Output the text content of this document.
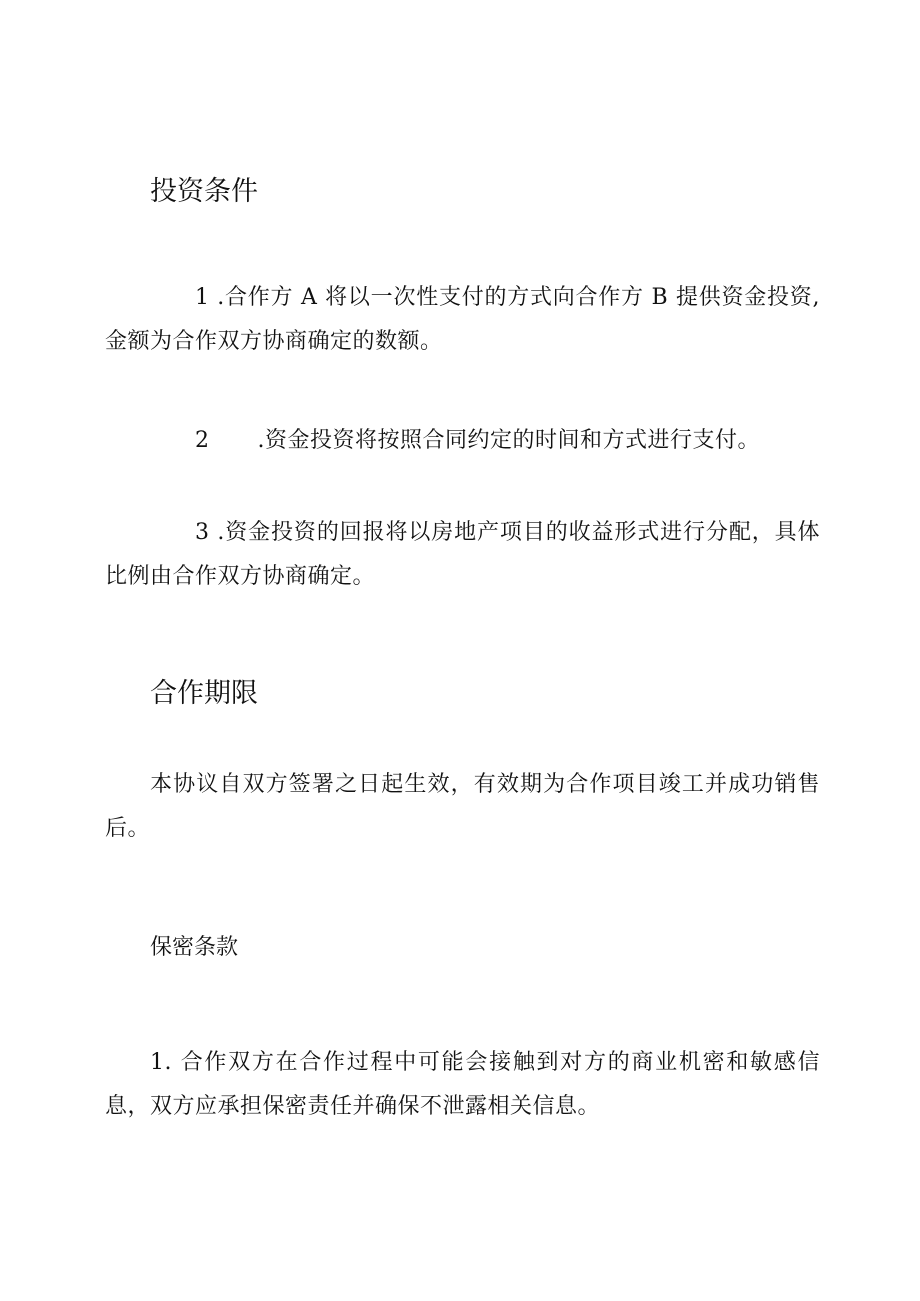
投资条件
1 .合作方 A 将以一次性支付的方式向合作方 B 提供资金投资, 金额为合作双方协商确定的数额。
2 .资金投资将按照合同约定的时间和方式进行支付。
3 .资金投资的回报将以房地产项目的收益形式进行分配，具体比例由合作双方协商确定。
合作期限
本协议自双方签署之日起生效，有效期为合作项目竣工并成功销售后。
保密条款
1. 合作双方在合作过程中可能会接触到对方的商业机密和敏感信息，双方应承担保密责任并确保不泄露相关信息。
